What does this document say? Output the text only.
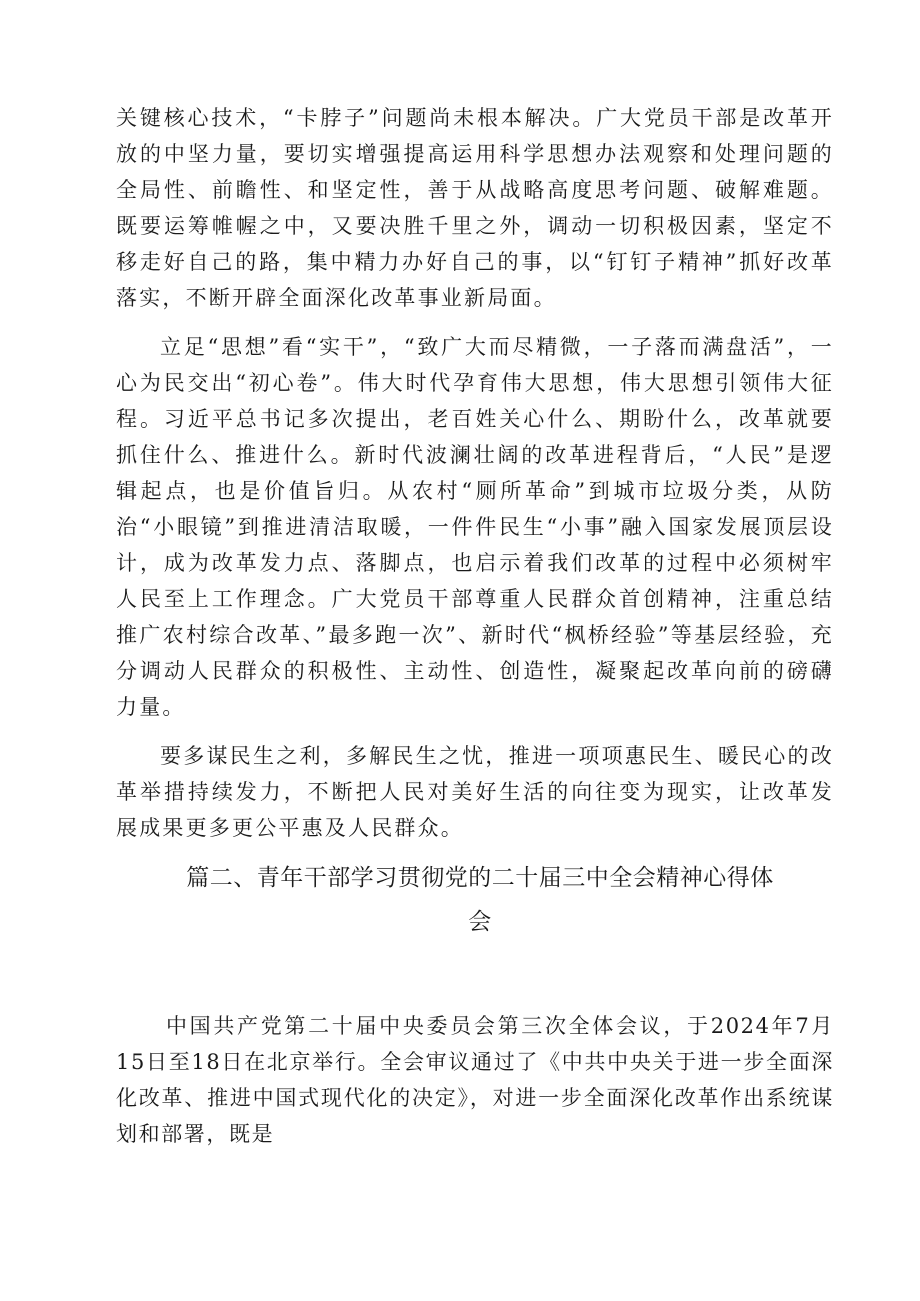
关键核心技术，“卡脖子”问题尚未根本解决。广大党员干部是改革开放的中坚力量，要切实增强提高运用科学思想办法观察和处理问题的全局性、前瞻性、和坚定性，善于从战略高度思考问题、破解难题。既要运筹帷幄之中，又要决胜千里之外，调动一切积极因素，坚定不移走好自己的路，集中精力办好自己的事，以“钉钉子精神”抓好改革落实，不断开辟全面深化改革事业新局面。

立足“思想”看“实干”，“致广大而尽精微，一子落而满盘活”，一心为民交出“初心卷”。伟大时代孕育伟大思想，伟大思想引领伟大征程。习近平总书记多次提出，老百姓关心什么、期盼什么，改革就要抓住什么、推进什么。新时代波澜壮阔的改革进程背后，“人民”是逻辑起点，也是价值旨归。从农村“厕所革命”到城市垃圾分类，从防治“小眼镜”到推进清洁取暖，一件件民生“小事”融入国家发展顶层设计，成为改革发力点、落脚点，也启示着我们改革的过程中必须树牢人民至上工作理念。广大党员干部尊重人民群众首创精神，注重总结推广农村综合改革、”最多跑一次”、新时代“枫桥经验”等基层经验，充分调动人民群众的积极性、主动性、创造性，凝聚起改革向前的磅礴力量。

要多谋民生之利，多解民生之忧，推进一项项惠民生、暖民心的改革举措持续发力，不断把人民对美好生活的向往变为现实，让改革发展成果更多更公平惠及人民群众。

篇二、青年干部学习贯彻党的二十届三中全会精神心得体
会

中国共产党第二十届中央委员会第三次全体会议，于2024年7月15日至18日在北京举行。全会审议通过了《中共中央关于进一步全面深化改革、推进中国式现代化的决定》，对进一步全面深化改革作出系统谋划和部署，既是
